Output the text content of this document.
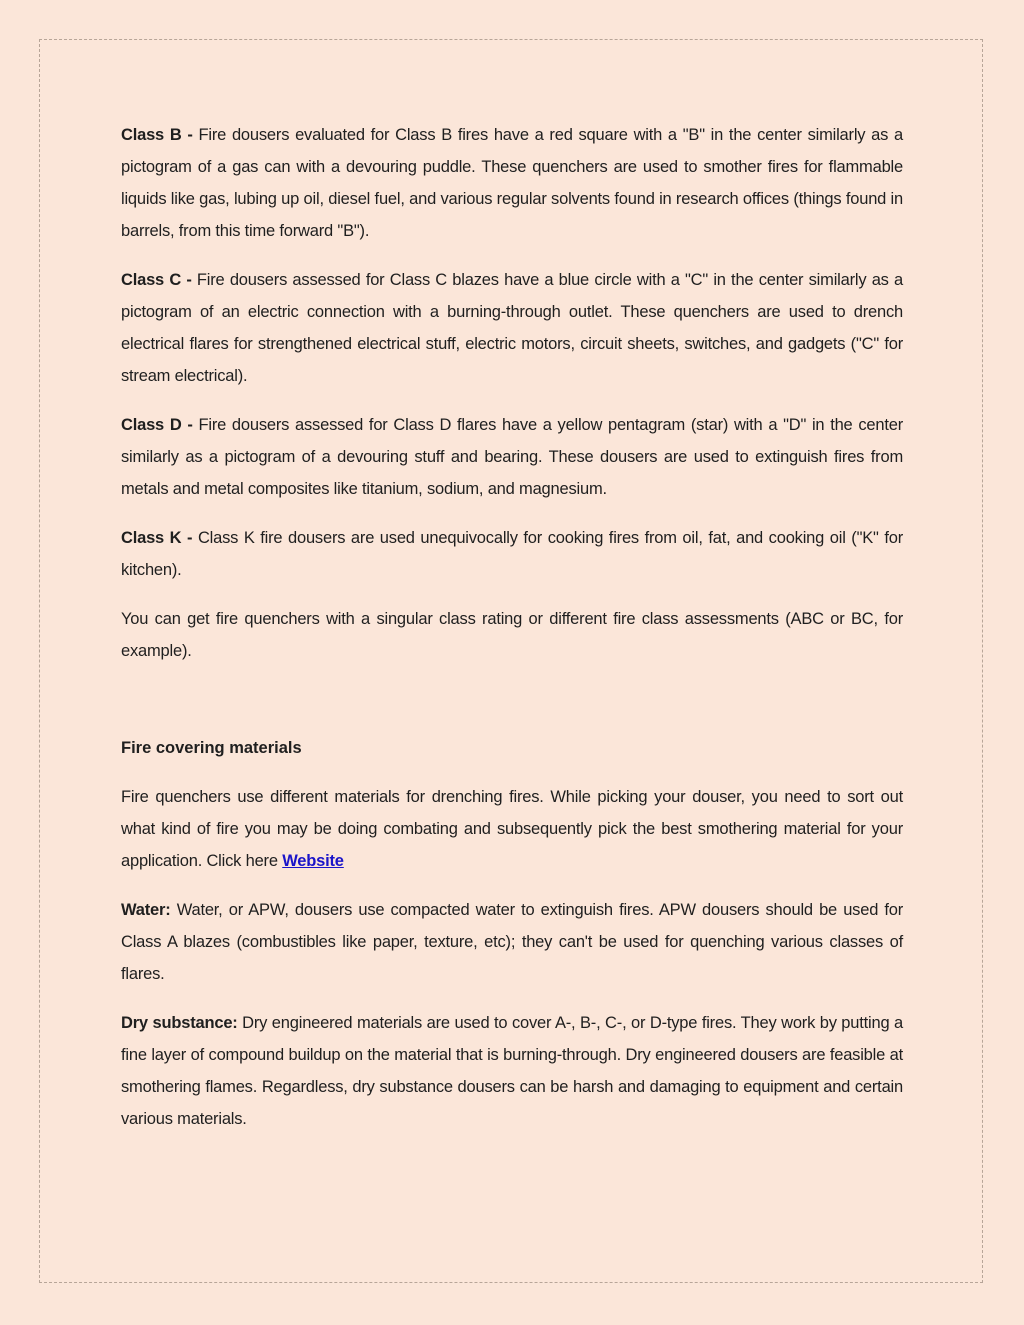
Class B - Fire dousers evaluated for Class B fires have a red square with a "B" in the center similarly as a pictogram of a gas can with a devouring puddle. These quenchers are used to smother fires for flammable liquids like gas, lubing up oil, diesel fuel, and various regular solvents found in research offices (things found in barrels, from this time forward "B").

Class C - Fire dousers assessed for Class C blazes have a blue circle with a "C" in the center similarly as a pictogram of an electric connection with a burning-through outlet. These quenchers are used to drench electrical flares for strengthened electrical stuff, electric motors, circuit sheets, switches, and gadgets ("C" for stream electrical).

Class D - Fire dousers assessed for Class D flares have a yellow pentagram (star) with a "D" in the center similarly as a pictogram of a devouring stuff and bearing. These dousers are used to extinguish fires from metals and metal composites like titanium, sodium, and magnesium.

Class K - Class K fire dousers are used unequivocally for cooking fires from oil, fat, and cooking oil ("K" for kitchen).

You can get fire quenchers with a singular class rating or different fire class assessments (ABC or BC, for example).

Fire covering materials

Fire quenchers use different materials for drenching fires. While picking your douser, you need to sort out what kind of fire you may be doing combating and subsequently pick the best smothering material for your application. Click here Website

Water: Water, or APW, dousers use compacted water to extinguish fires. APW dousers should be used for Class A blazes (combustibles like paper, texture, etc); they can't be used for quenching various classes of flares.

Dry substance: Dry engineered materials are used to cover A-, B-, C-, or D-type fires. They work by putting a fine layer of compound buildup on the material that is burning-through. Dry engineered dousers are feasible at smothering flames. Regardless, dry substance dousers can be harsh and damaging to equipment and certain various materials.
